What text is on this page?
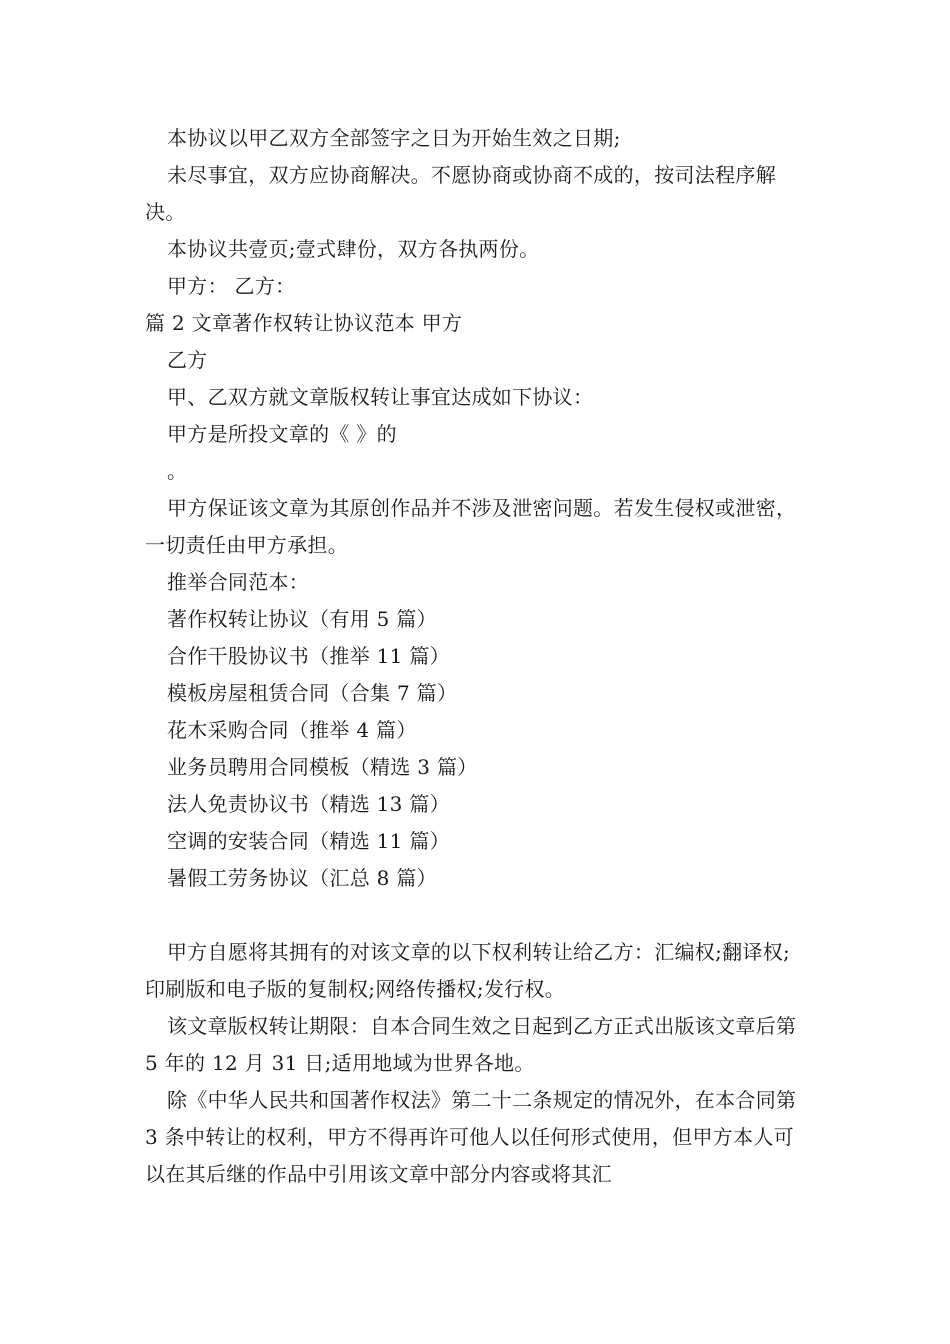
本协议以甲乙双方全部签字之日为开始生效之日期;

未尽事宜，双方应协商解决。不愿协商或协商不成的，按司法程序解决。

本协议共壹页;壹式肆份，双方各执两份。

甲方： 乙方：

篇 2 文章著作权转让协议范本 甲方

乙方

甲、乙双方就文章版权转让事宜达成如下协议：

甲方是所投文章的《 》的

。

甲方保证该文章为其原创作品并不涉及泄密问题。若发生侵权或泄密，一切责任由甲方承担。

推举合同范本：

著作权转让协议（有用 5 篇）

合作干股协议书（推举 11 篇）

模板房屋租赁合同（合集 7 篇）

花木采购合同（推举 4 篇）

业务员聘用合同模板（精选 3 篇）

法人免责协议书（精选 13 篇）

空调的安装合同（精选 11 篇）

暑假工劳务协议（汇总 8 篇）

甲方自愿将其拥有的对该文章的以下权利转让给乙方：汇编权;翻译权;印刷版和电子版的复制权;网络传播权;发行权。

该文章版权转让期限：自本合同生效之日起到乙方正式出版该文章后第 5 年的 12 月 31 日;适用地域为世界各地。

除《中华人民共和国著作权法》第二十二条规定的情况外，在本合同第 3 条中转让的权利，甲方不得再许可他人以任何形式使用，但甲方本人可以在其后继的作品中引用该文章中部分内容或将其汇
